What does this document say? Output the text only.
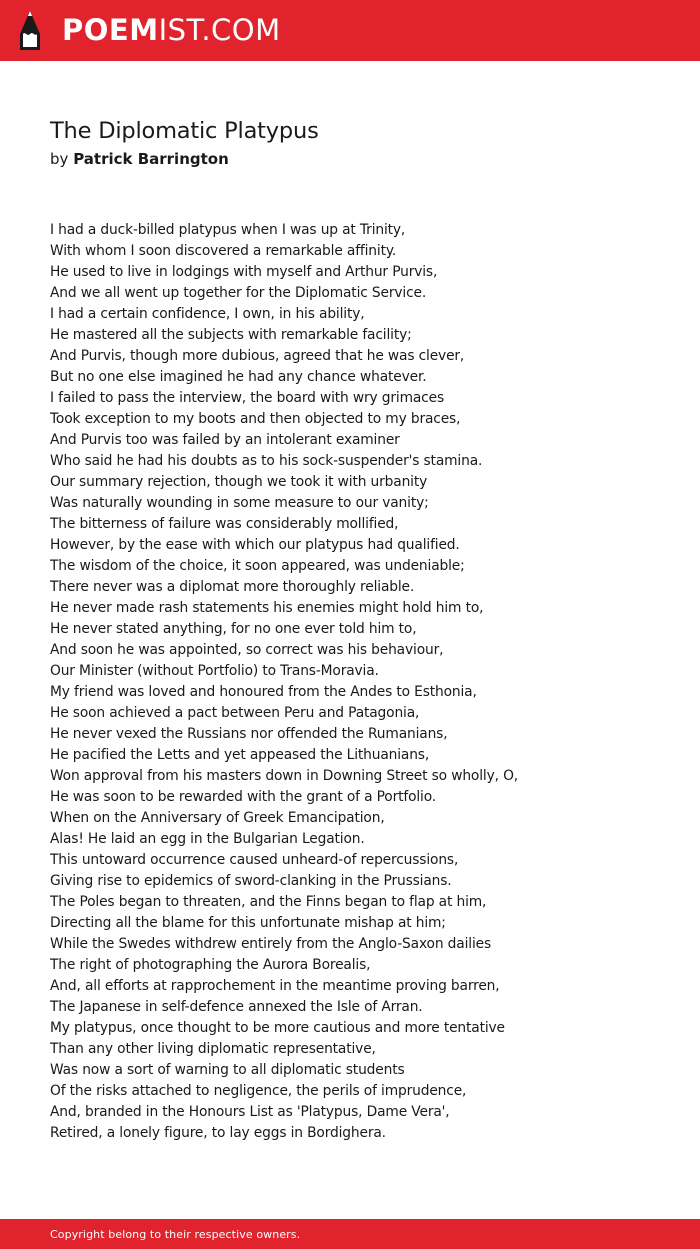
POEM IST.COM
The Diplomatic Platypus
by Patrick Barrington
I had a duck-billed platypus when I was up at Trinity,
With whom I soon discovered a remarkable affinity.
He used to live in lodgings with myself and Arthur Purvis,
And we all went up together for the Diplomatic Service.
I had a certain confidence, I own, in his ability,
He mastered all the subjects with remarkable facility;
And Purvis, though more dubious, agreed that he was clever,
But no one else imagined he had any chance whatever.
I failed to pass the interview, the board with wry grimaces
Took exception to my boots and then objected to my braces,
And Purvis too was failed by an intolerant examiner
Who said he had his doubts as to his sock-suspender's stamina.
Our summary rejection, though we took it with urbanity
Was naturally wounding in some measure to our vanity;
The bitterness of failure was considerably mollified,
However, by the ease with which our platypus had qualified.
The wisdom of the choice, it soon appeared, was undeniable;
There never was a diplomat more thoroughly reliable.
He never made rash statements his enemies might hold him to,
He never stated anything, for no one ever told him to,
And soon he was appointed, so correct was his behaviour,
Our Minister (without Portfolio) to Trans-Moravia.
My friend was loved and honoured from the Andes to Esthonia,
He soon achieved a pact between Peru and Patagonia,
He never vexed the Russians nor offended the Rumanians,
He pacified the Letts and yet appeased the Lithuanians,
Won approval from his masters down in Downing Street so wholly, O,
He was soon to be rewarded with the grant of a Portfolio.
When on the Anniversary of Greek Emancipation,
Alas! He laid an egg in the Bulgarian Legation.
This untoward occurrence caused unheard-of repercussions,
Giving rise to epidemics of sword-clanking in the Prussians.
The Poles began to threaten, and the Finns began to flap at him,
Directing all the blame for this unfortunate mishap at him;
While the Swedes withdrew entirely from the Anglo-Saxon dailies
The right of photographing the Aurora Borealis,
And, all efforts at rapprochement in the meantime proving barren,
The Japanese in self-defence annexed the Isle of Arran.
My platypus, once thought to be more cautious and more tentative
Than any other living diplomatic representative,
Was now a sort of warning to all diplomatic students
Of the risks attached to negligence, the perils of imprudence,
And, branded in the Honours List as 'Platypus, Dame Vera',
Retired, a lonely figure, to lay eggs in Bordighera.
Copyright belong to their respective owners.
